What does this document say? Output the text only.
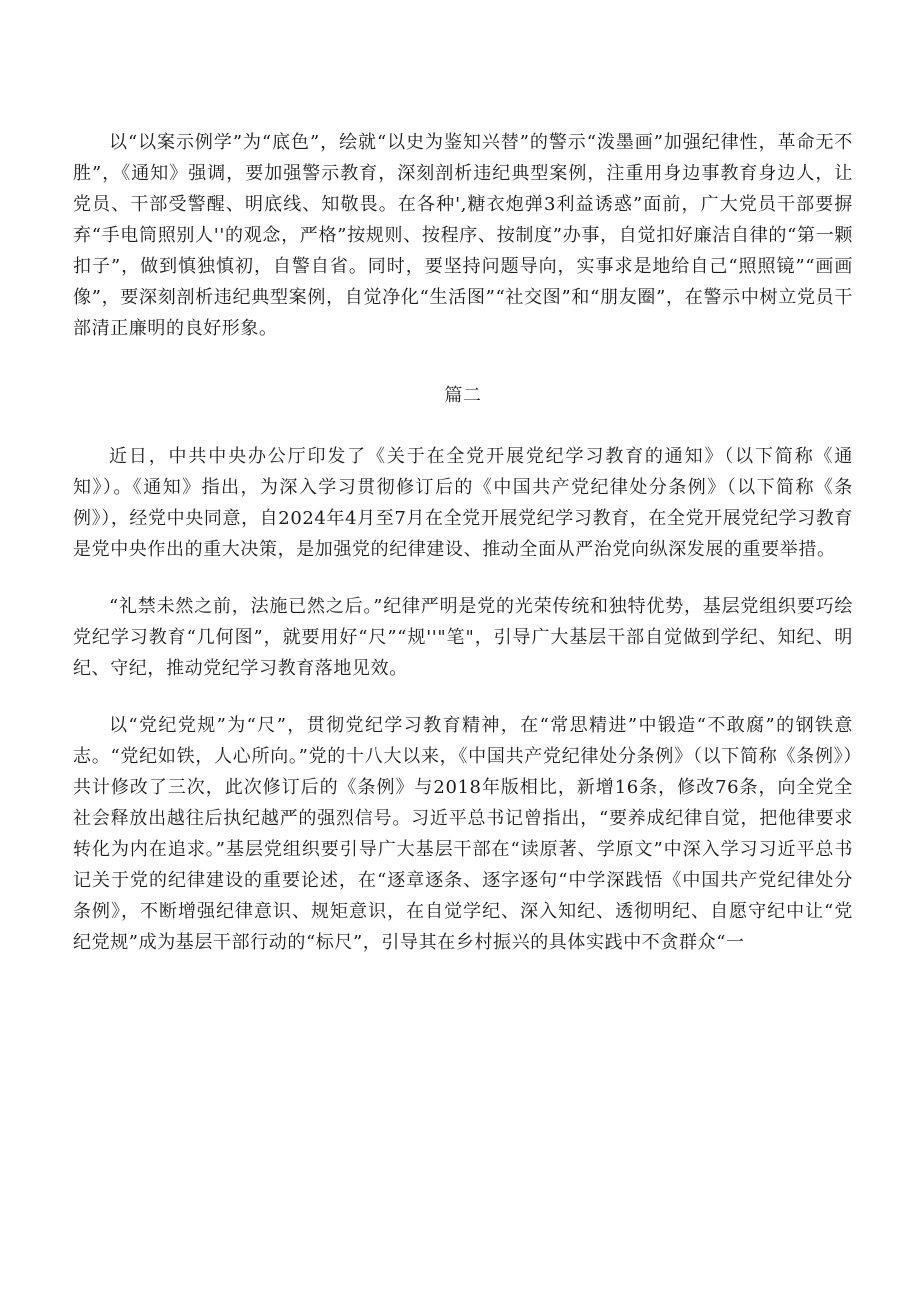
以“以案示例学”为“底色”，绘就“以史为鉴知兴替”的警示“泼墨画”加强纪律性，革命无不胜”，《通知》强调，要加强警示教育，深刻剖析违纪典型案例，注重用身边事教育身边人，让党员、干部受警醒、明底线、知敬畏。在各种',糖衣炮弹3利益诱惑”面前，广大党员干部要摒弃“手电筒照别人''的观念，严格”按规则、按程序、按制度”办事，自觉扣好廉洁自律的“第一颗扣子”，做到慎独慎初，自警自省。同时，要坚持问题导向，实事求是地给自己“照照镜”“画画像”，要深刻剖析违纪典型案例，自觉净化“生活图”“社交图”和“朋友圈”，在警示中树立党员干部清正廉明的良好形象。

篇二

近日，中共中央办公厅印发了《关于在全党开展党纪学习教育的通知》（以下简称《通知》）。《通知》指出，为深入学习贯彻修订后的《中国共产党纪律处分条例》（以下简称《条例》），经党中央同意，自2024年4月至7月在全党开展党纪学习教育，在全党开展党纪学习教育是党中央作出的重大决策，是加强党的纪律建设、推动全面从严治党向纵深发展的重要举措。

“礼禁未然之前，法施已然之后。”纪律严明是党的光荣传统和独特优势，基层党组织要巧绘党纪学习教育“几何图”，就要用好“尺”“规''"笔"，引导广大基层干部自觉做到学纪、知纪、明纪、守纪，推动党纪学习教育落地见效。

以“党纪党规”为“尺”，贯彻党纪学习教育精神，在“常思精进”中锻造“不敢腐”的钢铁意志。“党纪如铁，人心所向。”党的十八大以来，《中国共产党纪律处分条例》（以下简称《条例》）共计修改了三次，此次修订后的《条例》与2018年版相比，新增16条，修改76条，向全党全社会释放出越往后执纪越严的强烈信号。习近平总书记曾指出，“要养成纪律自觉，把他律要求转化为内在追求。”基层党组织要引导广大基层干部在“读原著、学原文”中深入学习习近平总书记关于党的纪律建设的重要论述，在“逐章逐条、逐字逐句“中学深践悟《中国共产党纪律处分条例》，不断增强纪律意识、规矩意识，在自觉学纪、深入知纪、透彻明纪、自愿守纪中让“党纪党规”成为基层干部行动的“标尺”，引导其在乡村振兴的具体实践中不贪群众“一
